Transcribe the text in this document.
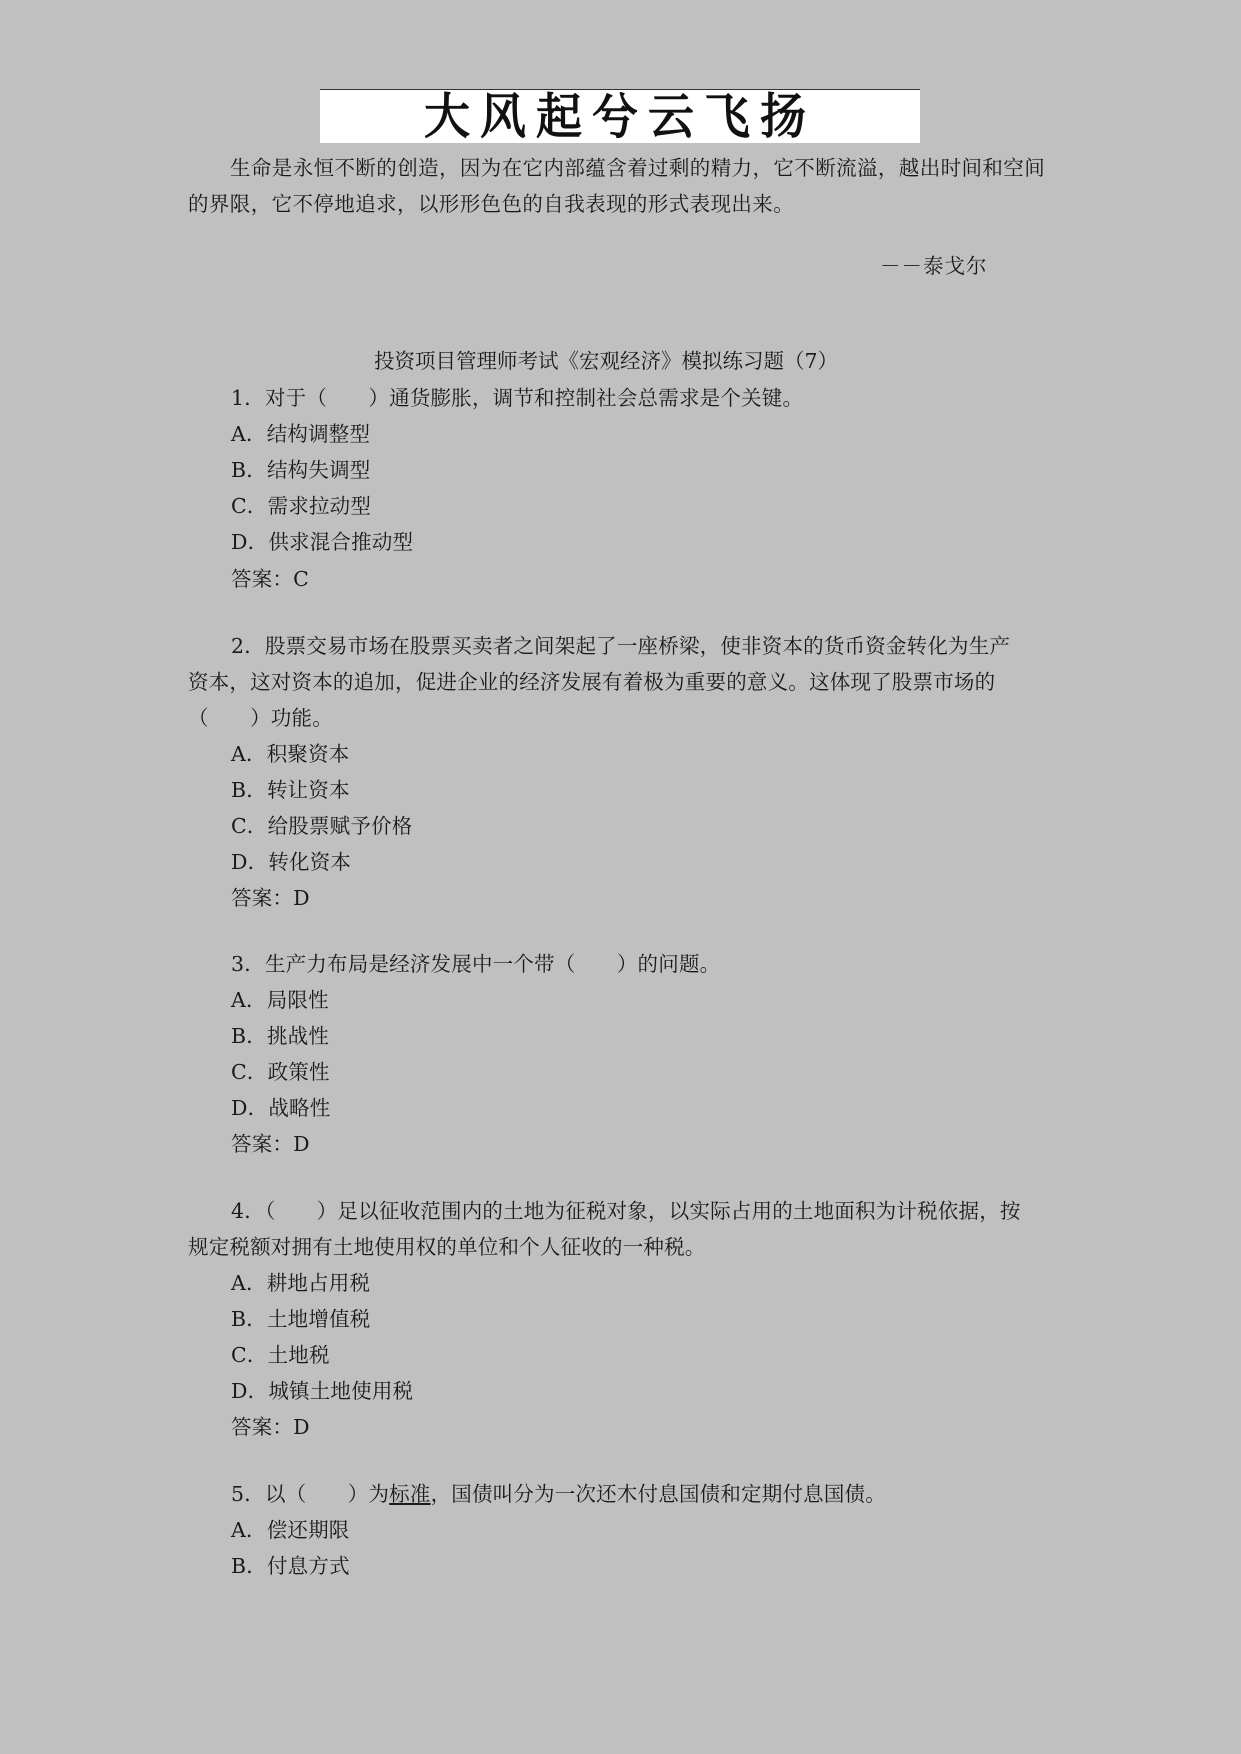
大风起兮云飞扬
生命是永恒不断的创造，因为在它内部蕴含着过剩的精力，它不断流溢，越出时间和空间的界限，它不停地追求，以形形色色的自我表现的形式表现出来。
－－泰戈尔
投资项目管理师考试《宏观经济》模拟练习题（7）
1．对于（　　）通货膨胀，调节和控制社会总需求是个关键。
A．结构调整型
B．结构失调型
C．需求拉动型
D．供求混合推动型
答案：C
2．股票交易市场在股票买卖者之间架起了一座桥梁，使非资本的货币资金转化为生产
资本，这对资本的追加，促进企业的经济发展有着极为重要的意义。这体现了股票市场的
（　　）功能。
A．积聚资本
B．转让资本
C．给股票赋予价格
D．转化资本
答案：D
3．生产力布局是经济发展中一个带（　　）的问题。
A．局限性
B．挑战性
C．政策性
D．战略性
答案：D
4．（　　）足以征收范围内的土地为征税对象，以实际占用的土地面积为计税依据，按
规定税额对拥有土地使用权的单位和个人征收的一种税。
A．耕地占用税
B．土地增值税
C．土地税
D．城镇土地使用税
答案：D
5．以（　　）为标准，国债叫分为一次还木付息国债和定期付息国债。
A．偿还期限
B．付息方式
